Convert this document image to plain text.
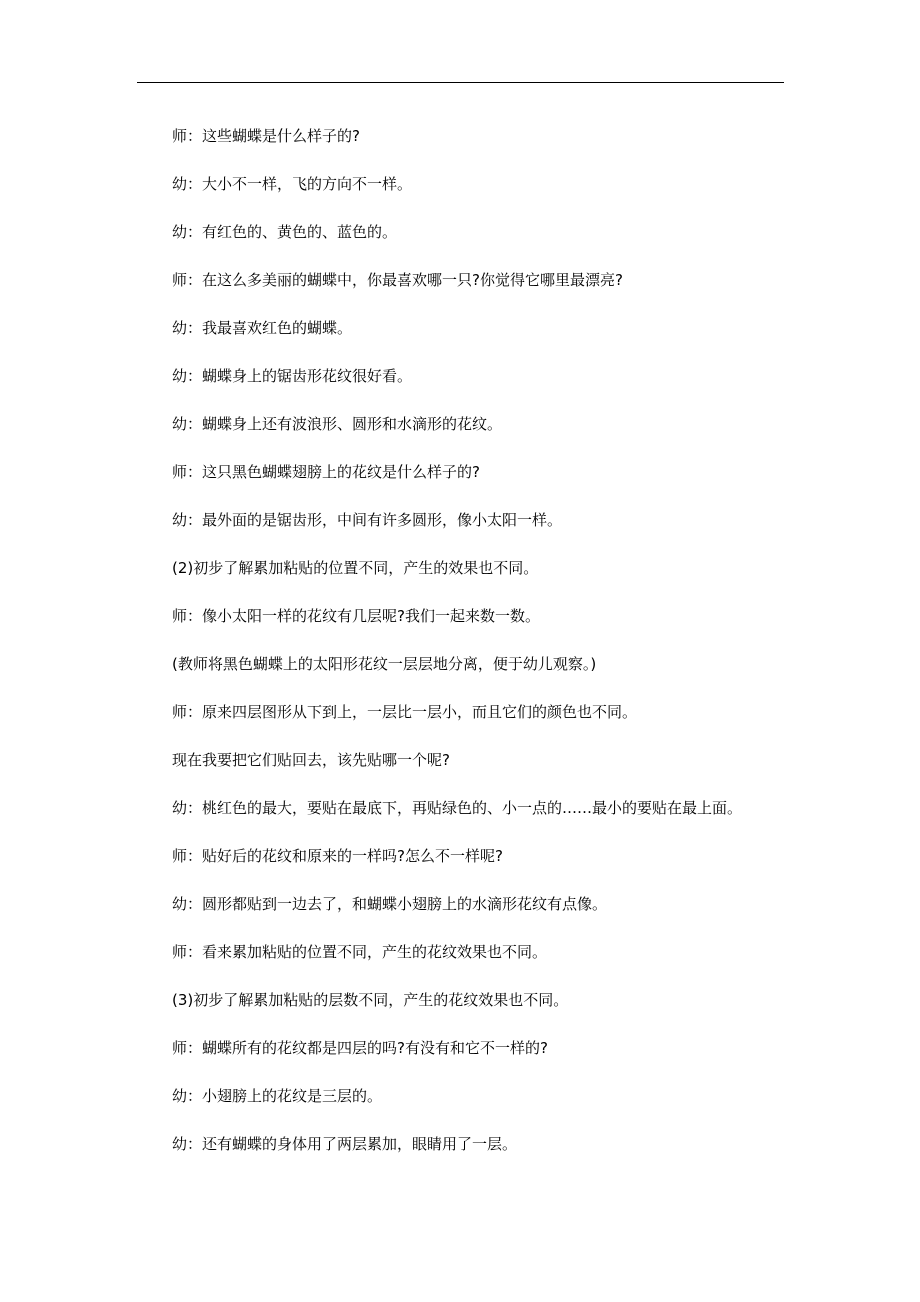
师：这些蝴蝶是什么样子的?
幼：大小不一样，飞的方向不一样。
幼：有红色的、黄色的、蓝色的。
师：在这么多美丽的蝴蝶中，你最喜欢哪一只?你觉得它哪里最漂亮?
幼：我最喜欢红色的蝴蝶。
幼：蝴蝶身上的锯齿形花纹很好看。
幼：蝴蝶身上还有波浪形、圆形和水滴形的花纹。
师：这只黑色蝴蝶翅膀上的花纹是什么样子的?
幼：最外面的是锯齿形，中间有许多圆形，像小太阳一样。
(2)初步了解累加粘贴的位置不同，产生的效果也不同。
师：像小太阳一样的花纹有几层呢?我们一起来数一数。
(教师将黑色蝴蝶上的太阳形花纹一层层地分离，便于幼儿观察。)
师：原来四层图形从下到上，一层比一层小，而且它们的颜色也不同。
现在我要把它们贴回去，该先贴哪一个呢?
幼：桃红色的最大，要贴在最底下，再贴绿色的、小一点的……最小的要贴在最上面。
师：贴好后的花纹和原来的一样吗?怎么不一样呢?
幼：圆形都贴到一边去了，和蝴蝶小翅膀上的水滴形花纹有点像。
师：看来累加粘贴的位置不同，产生的花纹效果也不同。
(3)初步了解累加粘贴的层数不同，产生的花纹效果也不同。
师：蝴蝶所有的花纹都是四层的吗?有没有和它不一样的?
幼：小翅膀上的花纹是三层的。
幼：还有蝴蝶的身体用了两层累加，眼睛用了一层。
